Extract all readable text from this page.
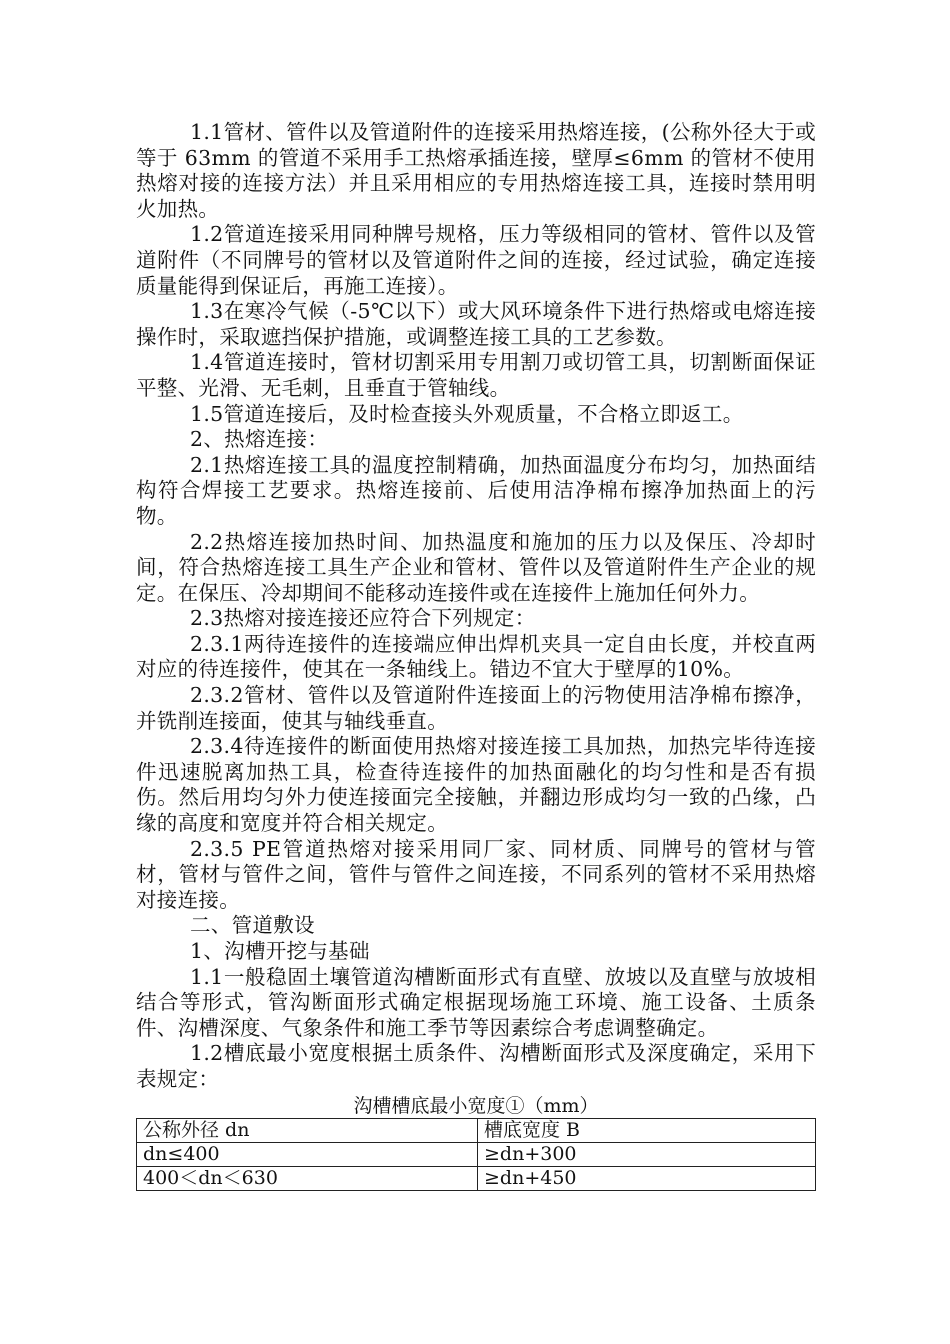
1.1管材、管件以及管道附件的连接采用热熔连接，(公称外径大于或等于 63mm 的管道不采用手工热熔承插连接，壁厚≤6mm 的管材不使用热熔对接的连接方法）并且采用相应的专用热熔连接工具，连接时禁用明火加热。

1.2管道连接采用同种牌号规格，压力等级相同的管材、管件以及管道附件（不同牌号的管材以及管道附件之间的连接，经过试验，确定连接质量能得到保证后，再施工连接）。

1.3在寒冷气候（-5℃以下）或大风环境条件下进行热熔或电熔连接操作时，采取遮挡保护措施，或调整连接工具的工艺参数。

1.4管道连接时，管材切割采用专用割刀或切管工具，切割断面保证平整、光滑、无毛刺，且垂直于管轴线。

1.5管道连接后，及时检查接头外观质量，不合格立即返工。

2、热熔连接：

2.1热熔连接工具的温度控制精确，加热面温度分布均匀，加热面结构符合焊接工艺要求。热熔连接前、后使用洁净棉布擦净加热面上的污物。

2.2热熔连接加热时间、加热温度和施加的压力以及保压、冷却时间，符合热熔连接工具生产企业和管材、管件以及管道附件生产企业的规定。在保压、冷却期间不能移动连接件或在连接件上施加任何外力。

2.3热熔对接连接还应符合下列规定：

2.3.1两待连接件的连接端应伸出焊机夹具一定自由长度，并校直两对应的待连接件，使其在一条轴线上。错边不宜大于壁厚的10%。

2.3.2管材、管件以及管道附件连接面上的污物使用洁净棉布擦净，并铣削连接面，使其与轴线垂直。

2.3.4待连接件的断面使用热熔对接连接工具加热，加热完毕待连接件迅速脱离加热工具，检查待连接件的加热面融化的均匀性和是否有损伤。然后用均匀外力使连接面完全接触，并翻边形成均匀一致的凸缘，凸缘的高度和宽度并符合相关规定。

2.3.5 PE管道热熔对接采用同厂家、同材质、同牌号的管材与管材，管材与管件之间，管件与管件之间连接，不同系列的管材不采用热熔对接连接。

二、管道敷设

1、沟槽开挖与基础

1.1一般稳固土壤管道沟槽断面形式有直壁、放坡以及直壁与放坡相结合等形式，管沟断面形式确定根据现场施工环境、施工设备、土质条件、沟槽深度、气象条件和施工季节等因素综合考虑调整确定。

1.2槽底最小宽度根据土质条件、沟槽断面形式及深度确定，采用下表规定：

沟槽槽底最小宽度①（mm）
公称外径 dn	槽底宽度 B
dn≤400	≥dn+300
400＜dn＜630	≥dn+450
